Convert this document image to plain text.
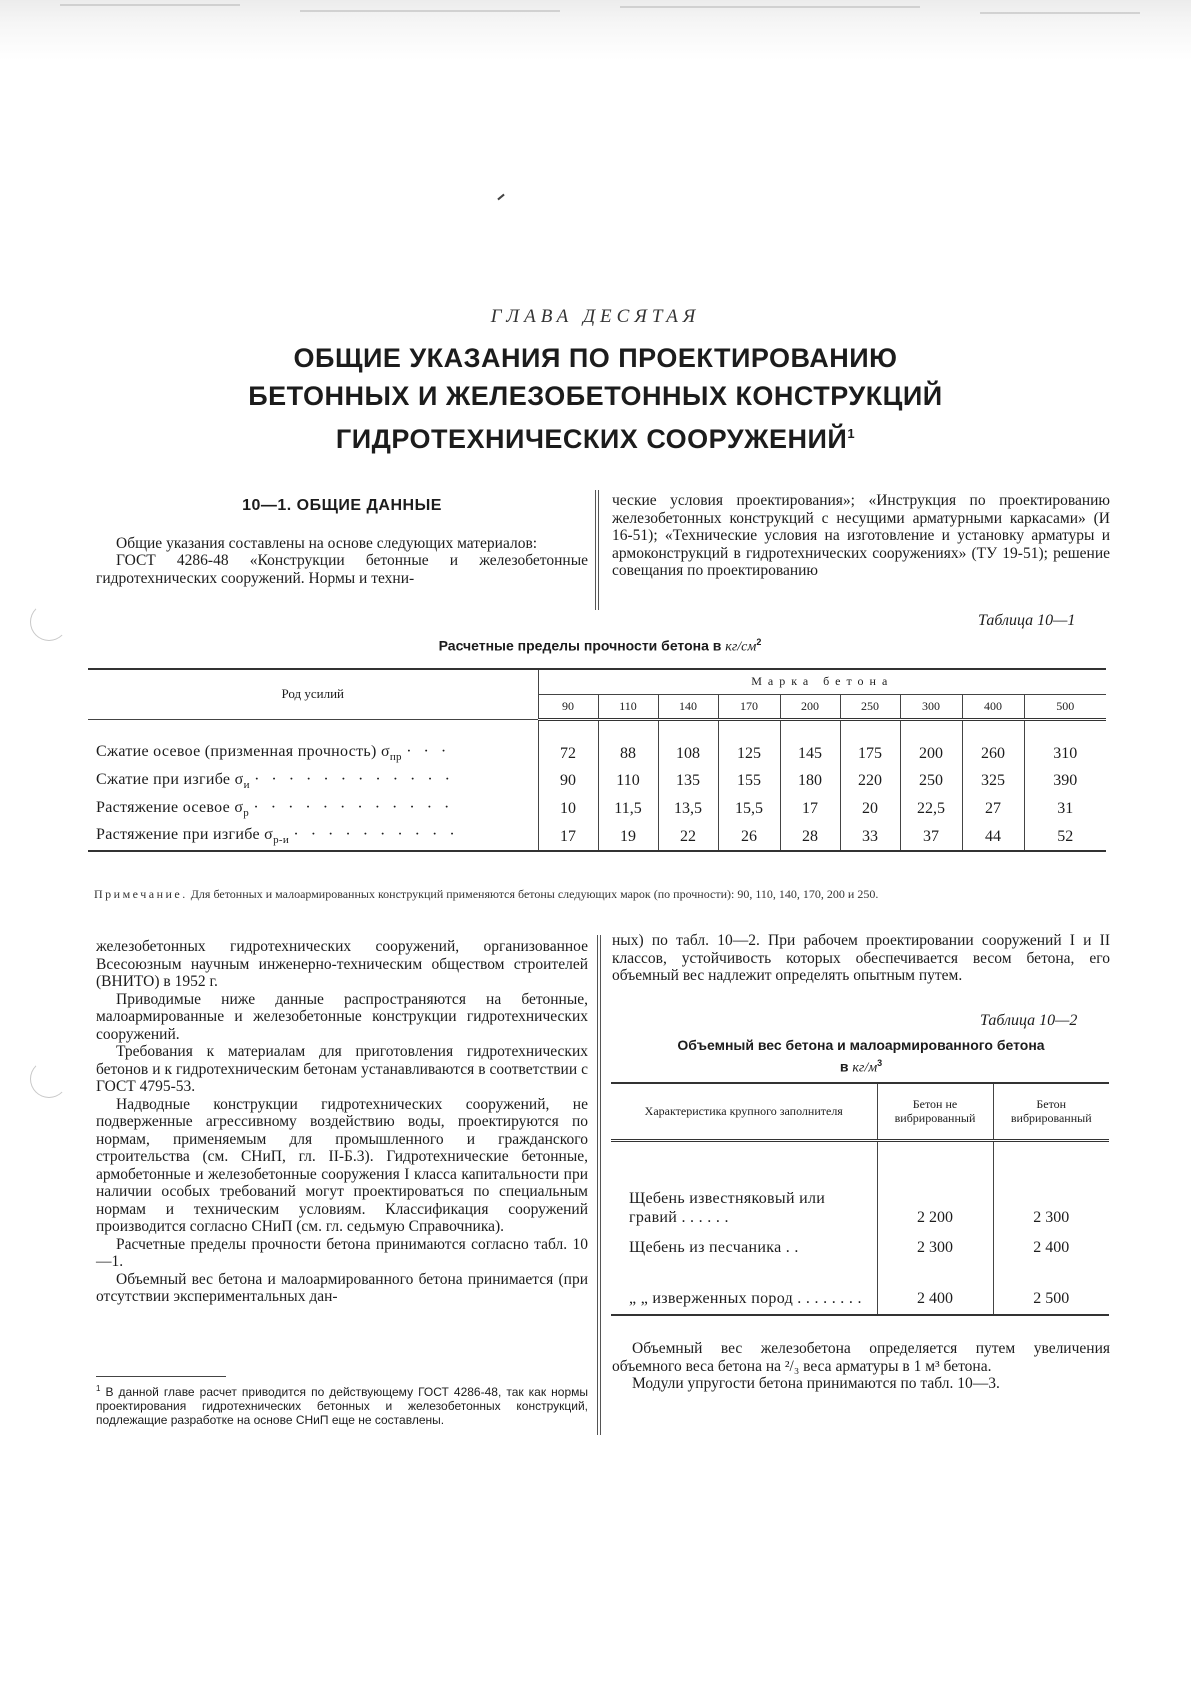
ГЛАВА ДЕСЯТАЯ
ОБЩИЕ УКАЗАНИЯ ПО ПРОЕКТИРОВАНИЮ
БЕТОННЫХ И ЖЕЛЕЗОБЕТОННЫХ КОНСТРУКЦИЙ
ГИДРОТЕХНИЧЕСКИХ СООРУЖЕНИЙ$^1$

10—1. ОБЩИЕ ДАННЫЕ

Общие указания составлены на основе следующих материалов:

ГОСТ 4286-48 «Конструкции бетонные и железобетонные гидротехнических сооружений. Нормы и техни-

ческие условия проектирования»; «Инструкция по проектированию железобетонных конструкций с несущими арматурными каркасами» (И 16-51); «Технические условия на изготовление и установку арматуры и армоконструкций в гидротехнических сооружениях» (ТУ 19-51); решение совещания по проектированию

Таблица 10—1
Расчетные пределы прочности бетона в $кг/см^2$
Род усилий	Марка бетона								
	90	110	140	170	200	250	300	400	500
Сжатие осевое (призменная прочность) $\sigma_{пр}$ · · ·	72	88	108	125	145	175	200	260	310
Сжатие при изгибе $\sigma_и$ · · · · · · · · · · · ·	90	110	135	155	180	220	250	325	390
Растяжение осевое $\sigma_р$ · · · · · · · · · · · ·	10	11,5	13,5	15,5	17	20	22,5	27	31
Растяжение при изгибе $\sigma_{р-и}$ · · · · · · · · · ·	17	19	22	26	28	33	37	44	52
Примечание. Для бетонных и малоармированных конструкций применяются бетоны следующих марок (по прочности): 90, 110, 140, 170, 200 и 250.

железобетонных гидротехнических сооружений, организованное Всесоюзным научным инженерно-техническим обществом строителей (ВНИТО) в 1952 г.

Приводимые ниже данные распространяются на бетонные, малоармированные и железобетонные конструкции гидротехнических сооружений.

Требования к материалам для приготовления гидротехнических бетонов и к гидротехническим бетонам устанавливаются в соответствии с ГОСТ 4795-53.

Надводные конструкции гидротехнических сооружений, не подверженные агрессивному воздействию воды, проектируются по нормам, применяемым для промышленного и гражданского строительства (см. СНиП, гл. II-Б.3). Гидротехнические бетонные, армобетонные и железобетонные сооружения I класса капитальности при наличии особых требований могут проектироваться по специальным нормам и техническим условиям. Классификация сооружений производится согласно СНиП (см. гл. седьмую Справочника).

Расчетные пределы прочности бетона принимаются согласно табл. 10—1.

Объемный вес бетона и малоармированного бетона принимается (при отсутствии экспериментальных дан-

ных) по табл. 10—2. При рабочем проектировании сооружений I и II классов, устойчивость которых обеспечивается весом бетона, его объемный вес надлежит определять опытным путем.

Таблица 10—2
Объемный вес бетона и малоармированного бетона
в $кг/м^3$
Характеристика крупного заполнителя	Бетон не вибрированный	Бетон вибрированный
Щебень известняковый или гравий . . . . . .	2 200	2 300
Щебень из песчаника . .	2 300	2 400
„ „ изверженных пород . . . . . . . .	2 400	2 500

Объемный вес железобетона определяется путем увеличения объемного веса бетона на ²/₃ веса арматуры в 1 м³ бетона.

Модули упругости бетона принимаются по табл. 10—3.

$^1$ В данной главе расчет приводится по действующему ГОСТ 4286-48, так как нормы проектирования гидротехнических бетонных и железобетонных конструкций, подлежащие разработке на основе СНиП еще не составлены.
